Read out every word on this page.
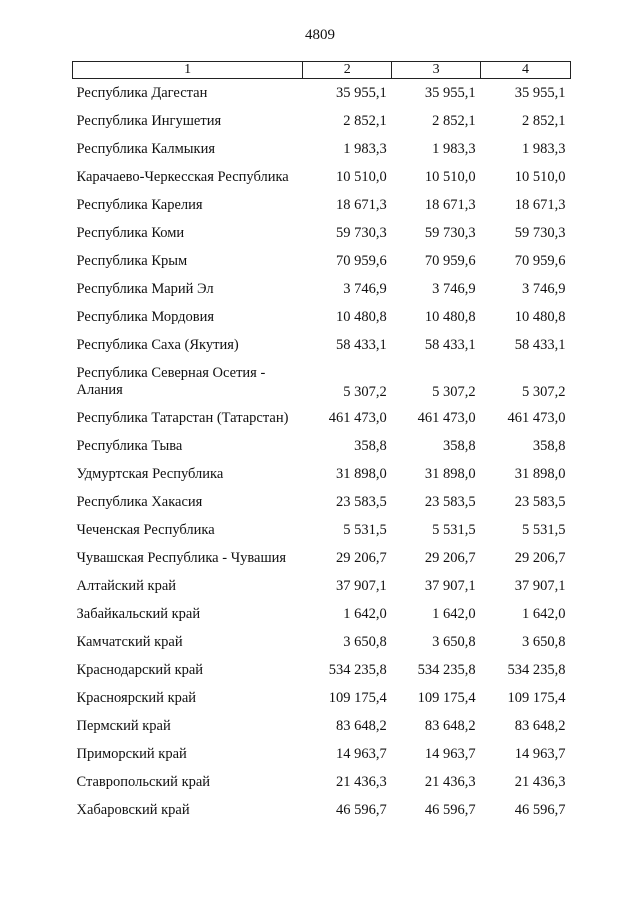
4809
1	2	3	4
Республика Дагестан	35 955,1	35 955,1	35 955,1
Республика Ингушетия	2 852,1	2 852,1	2 852,1
Республика Калмыкия	1 983,3	1 983,3	1 983,3
Карачаево-Черкесская Республика	10 510,0	10 510,0	10 510,0
Республика Карелия	18 671,3	18 671,3	18 671,3
Республика Коми	59 730,3	59 730,3	59 730,3
Республика Крым	70 959,6	70 959,6	70 959,6
Республика Марий Эл	3 746,9	3 746,9	3 746,9
Республика Мордовия	10 480,8	10 480,8	10 480,8
Республика Саха (Якутия)	58 433,1	58 433,1	58 433,1
Республика Северная Осетия - Алания	5 307,2	5 307,2	5 307,2
Республика Татарстан (Татарстан)	461 473,0	461 473,0	461 473,0
Республика Тыва	358,8	358,8	358,8
Удмуртская Республика	31 898,0	31 898,0	31 898,0
Республика Хакасия	23 583,5	23 583,5	23 583,5
Чеченская Республика	5 531,5	5 531,5	5 531,5
Чувашская Республика - Чувашия	29 206,7	29 206,7	29 206,7
Алтайский край	37 907,1	37 907,1	37 907,1
Забайкальский край	1 642,0	1 642,0	1 642,0
Камчатский край	3 650,8	3 650,8	3 650,8
Краснодарский край	534 235,8	534 235,8	534 235,8
Красноярский край	109 175,4	109 175,4	109 175,4
Пермский край	83 648,2	83 648,2	83 648,2
Приморский край	14 963,7	14 963,7	14 963,7
Ставропольский край	21 436,3	21 436,3	21 436,3
Хабаровский край	46 596,7	46 596,7	46 596,7
